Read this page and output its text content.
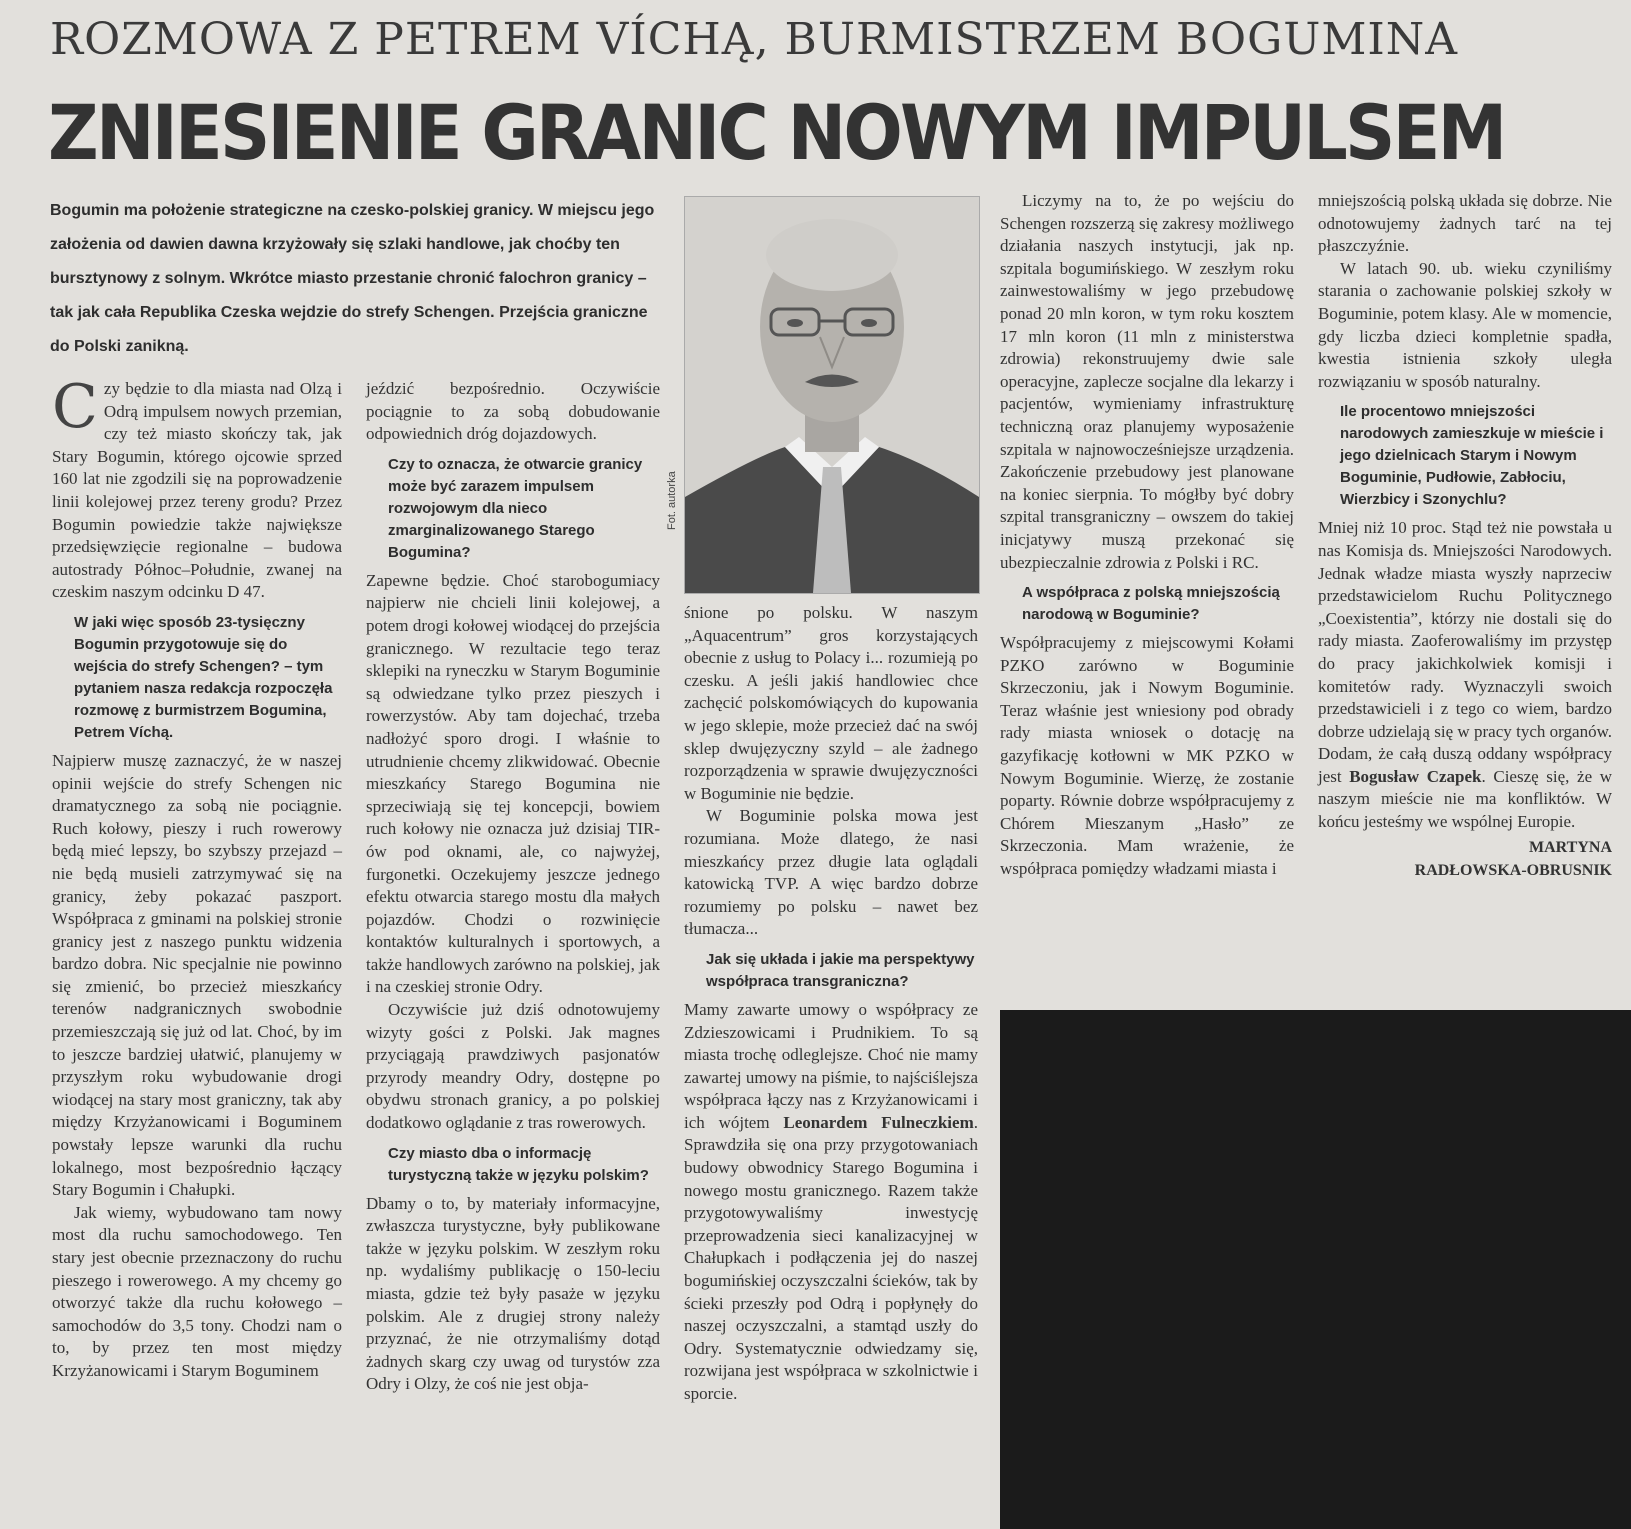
ROZMOWA Z PETREM VÍCHĄ, BURMISTRZEM BOGUMINA
ZNIESIENIE GRANIC NOWYM IMPULSEM
Bogumin ma położenie strategiczne na czesko-polskiej granicy. W miejscu jego założenia od dawien dawna krzyżowały się szlaki handlowe, jak choćby ten bursztynowy z solnym. Wkrótce miasto przestanie chronić falochron granicy – tak jak cała Republika Czeska wejdzie do strefy Schengen. Przejścia graniczne do Polski zanikną.

Czy będzie to dla miasta nad Olzą i Odrą impulsem nowych przemian, czy też miasto skończy tak, jak Stary Bogumin, którego ojcowie sprzed 160 lat nie zgodzili się na poprowadzenie linii kolejowej przez tereny grodu? Przez Bogumin powiedzie także największe przedsięwzięcie regionalne – budowa autostrady Północ–Południe, zwanej na czeskim naszym odcinku D 47.

W jaki więc sposób 23-tysięczny Bogumin przygotowuje się do wejścia do strefy Schengen? – tym pytaniem nasza redakcja rozpoczęła rozmowę z burmistrzem Bogumina, Petrem Víchą.

Najpierw muszę zaznaczyć, że w naszej opinii wejście do strefy Schengen nic dramatycznego za sobą nie pociągnie. Ruch kołowy, pieszy i ruch rowerowy będą mieć lepszy, bo szybszy przejazd – nie będą musieli zatrzymywać się na granicy, żeby pokazać paszport. Współpraca z gminami na polskiej stronie granicy jest z naszego punktu widzenia bardzo dobra. Nic specjalnie nie powinno się zmienić, bo przecież mieszkańcy terenów nadgranicznych swobodnie przemieszczają się już od lat. Choć, by im to jeszcze bardziej ułatwić, planujemy w przyszłym roku wybudowanie drogi wiodącej na stary most graniczny, tak aby między Krzyżanowicami i Boguminem powstały lepsze warunki dla ruchu lokalnego, most bezpośrednio łączący Stary Bogumin i Chałupki.

Jak wiemy, wybudowano tam nowy most dla ruchu samochodowego. Ten stary jest obecnie przeznaczony do ruchu pieszego i rowerowego. A my chcemy go otworzyć także dla ruchu kołowego – samochodów do 3,5 tony. Chodzi nam o to, by przez ten most między Krzyżanowicami i Starym Boguminem

jeździć bezpośrednio. Oczywiście pociągnie to za sobą dobudowanie odpowiednich dróg dojazdowych.

Czy to oznacza, że otwarcie granicy może być zarazem impulsem rozwojowym dla nieco zmarginalizowanego Starego Bogumina?

Zapewne będzie. Choć starobogumiacy najpierw nie chcieli linii kolejowej, a potem drogi kołowej wiodącej do przejścia granicznego. W rezultacie tego teraz sklepiki na ryneczku w Starym Boguminie są odwiedzane tylko przez pieszych i rowerzystów. Aby tam dojechać, trzeba nadłożyć sporo drogi. I właśnie to utrudnienie chcemy zlikwidować. Obecnie mieszkańcy Starego Bogumina nie sprzeciwiają się tej koncepcji, bowiem ruch kołowy nie oznacza już dzisiaj TIR-ów pod oknami, ale, co najwyżej, furgonetki. Oczekujemy jeszcze jednego efektu otwarcia starego mostu dla małych pojazdów. Chodzi o rozwinięcie kontaktów kulturalnych i sportowych, a także handlowych zarówno na polskiej, jak i na czeskiej stronie Odry.

Oczywiście już dziś odnotowujemy wizyty gości z Polski. Jak magnes przyciągają prawdziwych pasjonatów przyrody meandry Odry, dostępne po obydwu stronach granicy, a po polskiej dodatkowo oglądanie z tras rowerowych.

Czy miasto dba o informację turystyczną także w języku polskim?

Dbamy o to, by materiały informacyjne, zwłaszcza turystyczne, były publikowane także w języku polskim. W zeszłym roku np. wydaliśmy publikację o 150-leciu miasta, gdzie też były pasaże w języku polskim. Ale z drugiej strony należy przyznać, że nie otrzymaliśmy dotąd żadnych skarg czy uwag od turystów zza Odry i Olzy, że coś nie jest obja-

Fot. autorka

śnione po polsku. W naszym „Aquacentrum” gros korzystających obecnie z usług to Polacy i... rozumieją po czesku. A jeśli jakiś handlowiec chce zachęcić polskomówiących do kupowania w jego sklepie, może przecież dać na swój sklep dwujęzyczny szyld – ale żadnego rozporządzenia w sprawie dwujęzyczności w Boguminie nie będzie.

W Boguminie polska mowa jest rozumiana. Może dlatego, że nasi mieszkańcy przez długie lata oglądali katowicką TVP. A więc bardzo dobrze rozumiemy po polsku – nawet bez tłumacza...

Jak się układa i jakie ma perspektywy współpraca transgraniczna?

Mamy zawarte umowy o współpracy ze Zdzieszowicami i Prudnikiem. To są miasta trochę odleglejsze. Choć nie mamy zawartej umowy na piśmie, to najściślejsza współpraca łączy nas z Krzyżanowicami i ich wójtem Leonardem Fulneczkiem. Sprawdziła się ona przy przygotowaniach budowy obwodnicy Starego Bogumina i nowego mostu granicznego. Razem także przygotowywaliśmy inwestycję przeprowadzenia sieci kanalizacyjnej w Chałupkach i podłączenia jej do naszej bogumińskiej oczyszczalni ścieków, tak by ścieki przeszły pod Odrą i popłynęły do naszej oczyszczalni, a stamtąd uszły do Odry. Systematycznie odwiedzamy się, rozwijana jest współpraca w szkolnictwie i sporcie.

Liczymy na to, że po wejściu do Schengen rozszerzą się zakresy możliwego działania naszych instytucji, jak np. szpitala bogumińskiego. W zeszłym roku zainwestowaliśmy w jego przebudowę ponad 20 mln koron, w tym roku kosztem 17 mln koron (11 mln z ministerstwa zdrowia) rekonstruujemy dwie sale operacyjne, zaplecze socjalne dla lekarzy i pacjentów, wymieniamy infrastrukturę techniczną oraz planujemy wyposażenie szpitala w najnowocześniejsze urządzenia. Zakończenie przebudowy jest planowane na koniec sierpnia. To mógłby być dobry szpital transgraniczny – owszem do takiej inicjatywy muszą przekonać się ubezpieczalnie zdrowia z Polski i RC.

A współpraca z polską mniejszością narodową w Boguminie?

Współpracujemy z miejscowymi Kołami PZKO zarówno w Boguminie Skrzeczoniu, jak i Nowym Boguminie. Teraz właśnie jest wniesiony pod obrady rady miasta wniosek o dotację na gazyfikację kotłowni w MK PZKO w Nowym Boguminie. Wierzę, że zostanie poparty. Równie dobrze współpracujemy z Chórem Mieszanym „Hasło” ze Skrzeczonia. Mam wrażenie, że współpraca pomiędzy władzami miasta i

mniejszością polską układa się dobrze. Nie odnotowujemy żadnych tarć na tej płaszczyźnie.

W latach 90. ub. wieku czyniliśmy starania o zachowanie polskiej szkoły w Boguminie, potem klasy. Ale w momencie, gdy liczba dzieci kompletnie spadła, kwestia istnienia szkoły uległa rozwiązaniu w sposób naturalny.

Ile procentowo mniejszości narodowych zamieszkuje w mieście i jego dzielnicach Starym i Nowym Boguminie, Pudłowie, Zabłociu, Wierzbicy i Szonychlu?

Mniej niż 10 proc. Stąd też nie powstała u nas Komisja ds. Mniejszości Narodowych. Jednak władze miasta wyszły naprzeciw przedstawicielom Ruchu Politycznego „Coexistentia”, którzy nie dostali się do rady miasta. Zaoferowaliśmy im przystęp do pracy jakichkolwiek komisji i komitetów rady. Wyznaczyli swoich przedstawicieli i z tego co wiem, bardzo dobrze udzielają się w pracy tych organów. Dodam, że całą duszą oddany współpracy jest Bogusław Czapek. Cieszę się, że w naszym mieście nie ma konfliktów. W końcu jesteśmy we wspólnej Europie.

MARTYNA
RADŁOWSKA-OBRUSNIK
